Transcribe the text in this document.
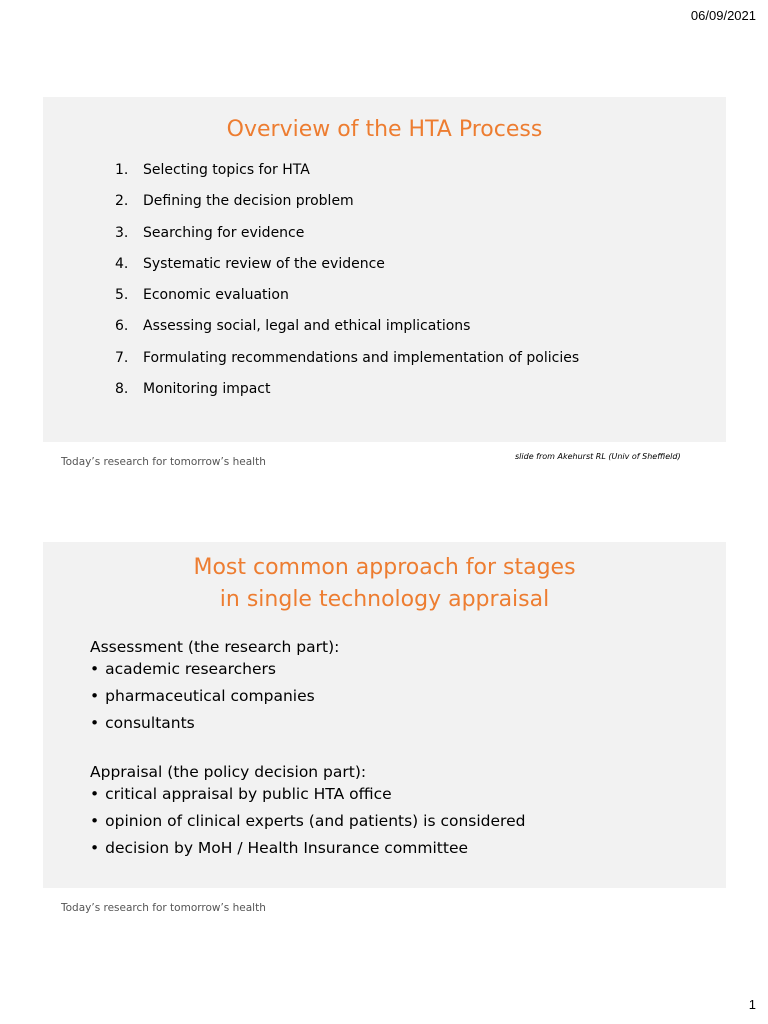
06/09/2021
Overview of the HTA Process
1.	Selecting topics for HTA
2.	Defining the decision problem
3.	Searching for evidence
4.	Systematic review of the evidence
5.	Economic evaluation
6.	Assessing social, legal and ethical implications
7.	Formulating recommendations and implementation of policies
8.	Monitoring impact
Today’s research for tomorrow’s health	slide from Akehurst RL (Univ of Sheffield)
Most common approach for stages
in single technology appraisal

Assessment (the research part):

• academic researchers
• pharmaceutical companies
• consultants

Appraisal (the policy decision part):

• critical appraisal by public HTA office
• opinion of clinical experts (and patients) is considered
• decision by MoH / Health Insurance committee
Today’s research for tomorrow’s health
1
